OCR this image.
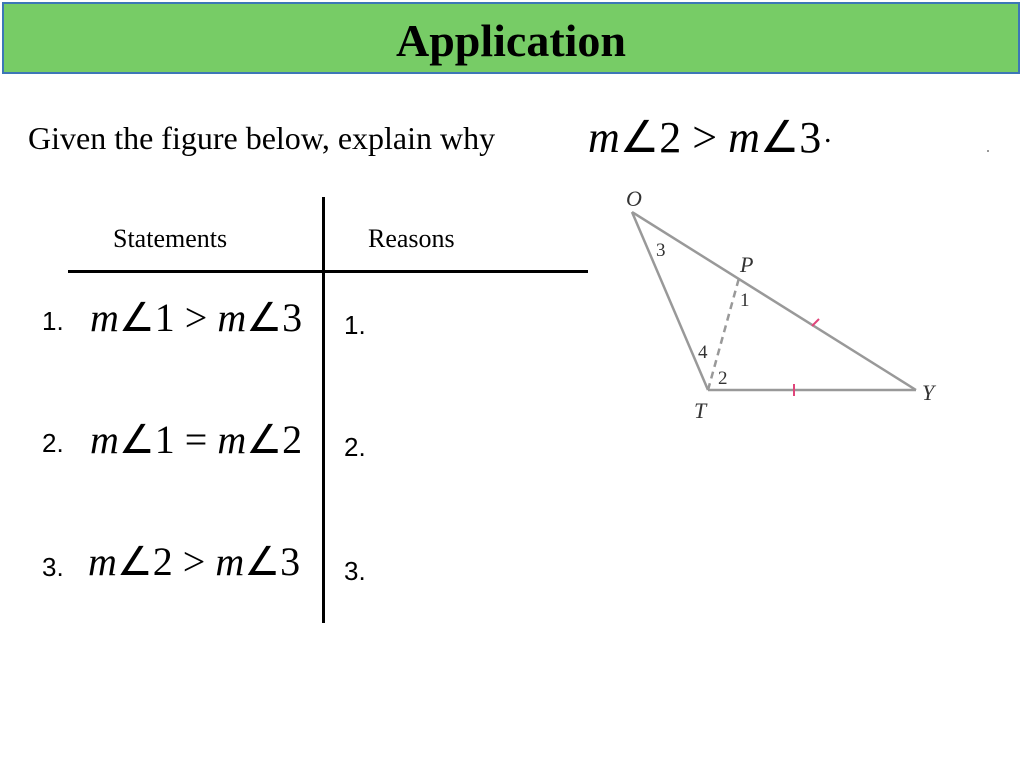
Application
Given the figure below, explain why m∠2 > m∠3 .
Statements	Reasons
1. m∠1 > m∠3 1.
2. m∠1 = m∠2 2.
3. m∠2 > m∠3 3.
O
P
T
Y
3
1
4
2
